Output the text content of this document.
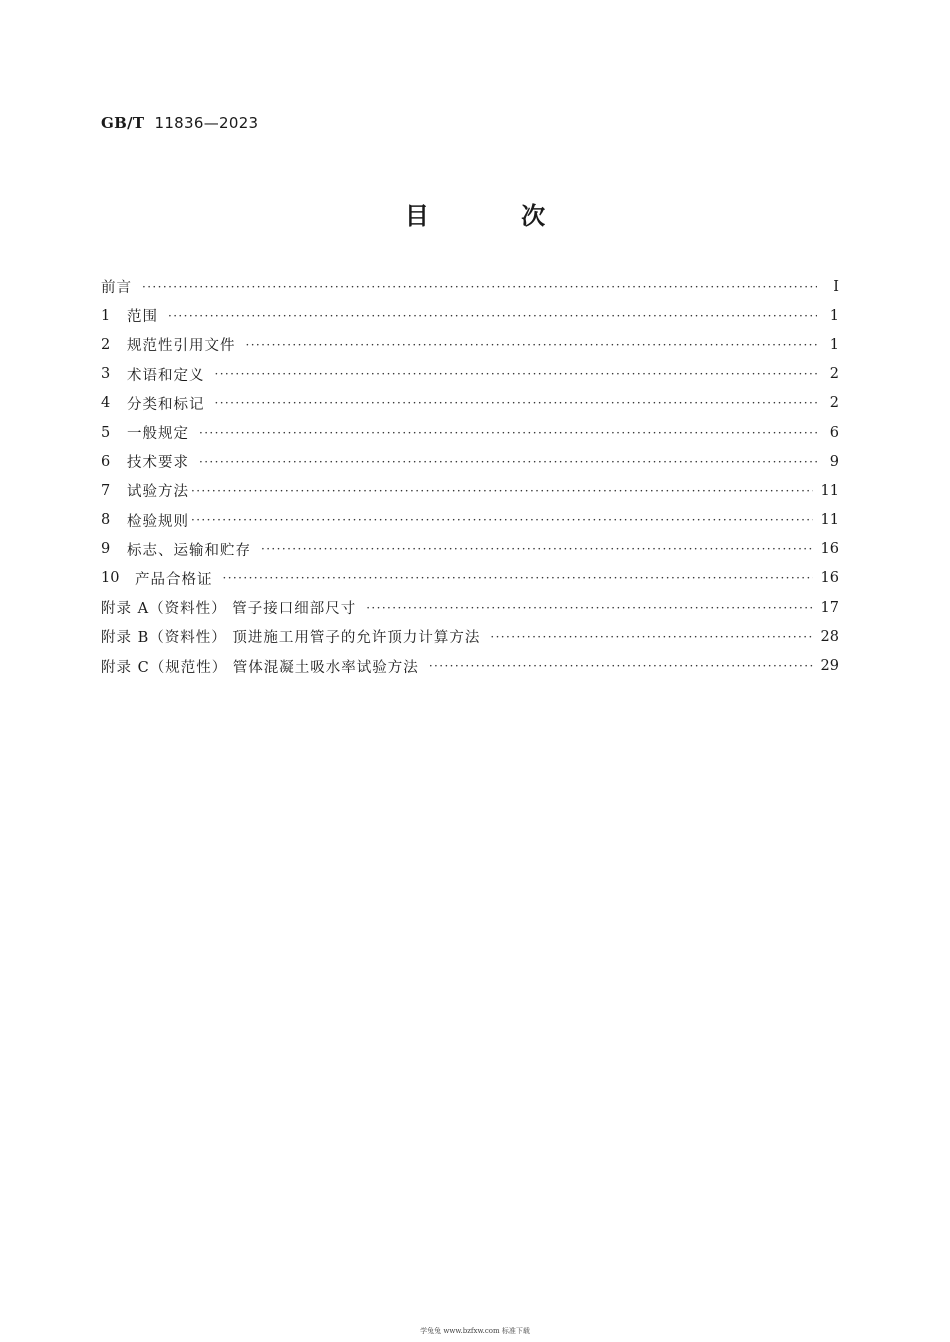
GB/T 11836—2023
目 次
前言 ·····	Ⅰ
1	范围 ·····	1
2	规范性引用文件 ·····	1
3	术语和定义 ·····	2
4	分类和标记 ·····	2
5	一般规定 ·····	6
6	技术要求 ·····	9
7	试验方法 ·····	11
8	检验规则 ·····	11
9	标志、运输和贮存 ·····	16
10	产品合格证 ·····	16
附录 A（资料性） 管子接口细部尺寸 ·····	17
附录 B（资料性） 顶进施工用管子的允许顶力计算方法 ·····	28
附录 C（规范性） 管体混凝土吸水率试验方法 ·····	29
学兔兔 www.bzfxw.com 标准下载
